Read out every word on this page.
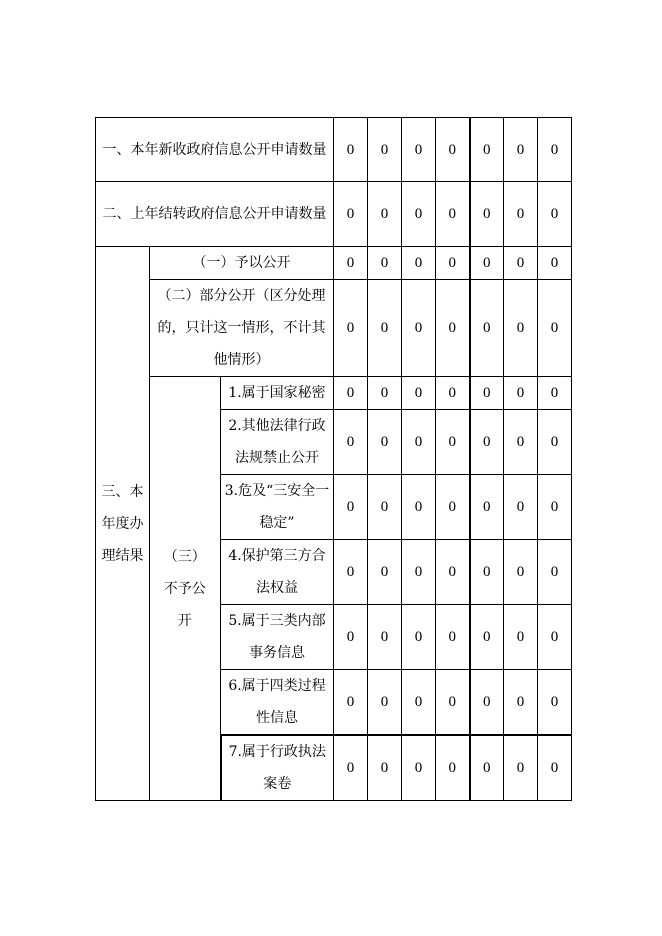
一、本年新收政府信息公开申请数量			0	0	0	0	0	0	0
二、上年结转政府信息公开申请数量			0	0	0	0	0	0	0
三、本年度办理结果	（一）予以公开		0	0	0	0	0	0	0
	（二）部分公开（区分处理的，只计这一情形，不计其他情形）		0	0	0	0	0	0	0
	（三）不予公开	1.属于国家秘密	0	0	0	0	0	0	0
		2.其他法律行政法规禁止公开	0	0	0	0	0	0	0
		3.危及“三安全一稳定”	0	0	0	0	0	0	0
		4.保护第三方合法权益	0	0	0	0	0	0	0
		5.属于三类内部事务信息	0	0	0	0	0	0	0
		6.属于四类过程性信息	0	0	0	0	0	0	0
		7.属于行政执法案卷	0	0	0	0	0	0	0
